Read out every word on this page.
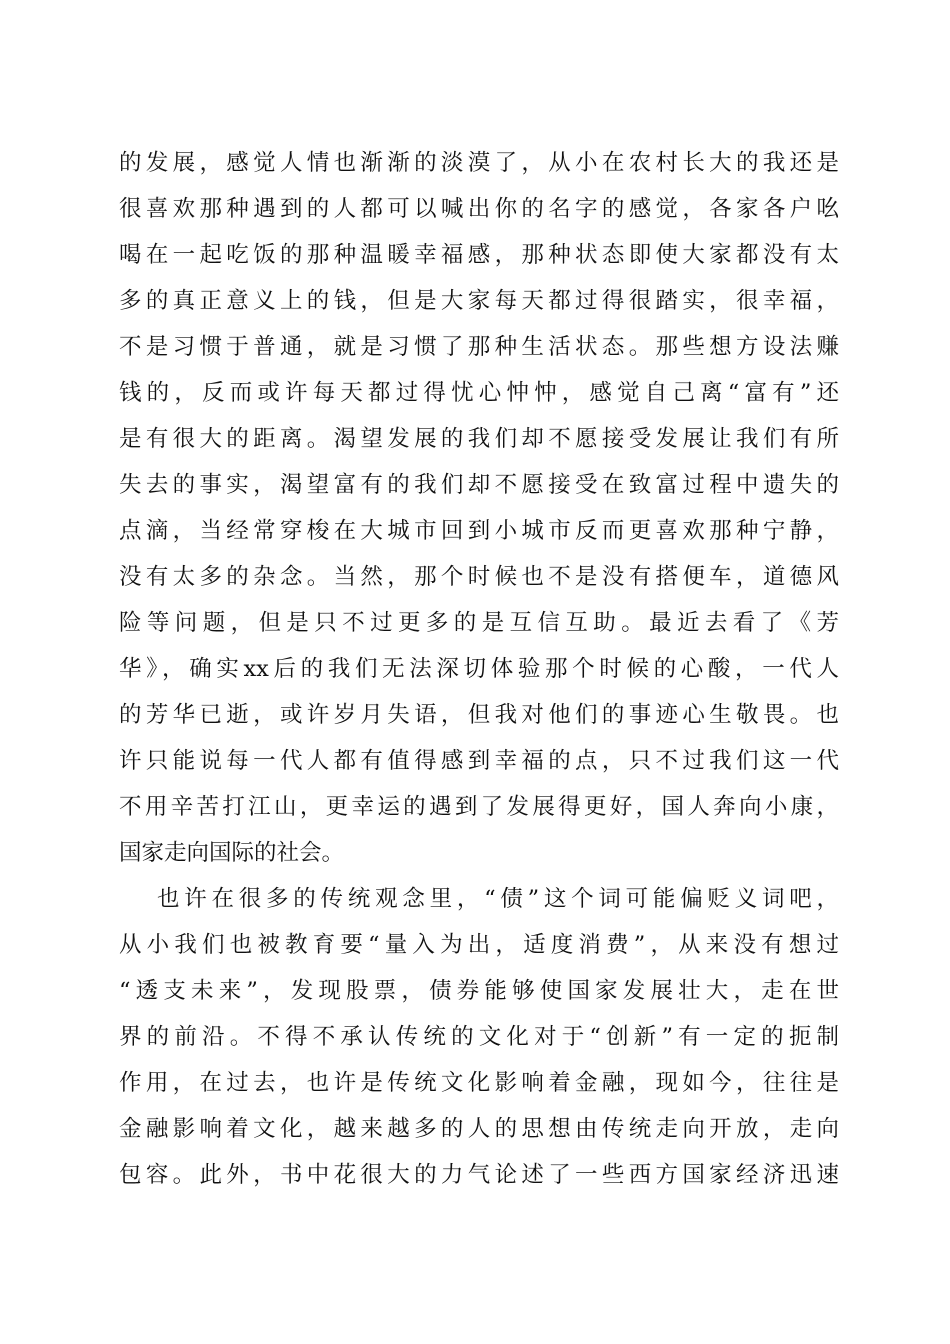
的发展，感觉人情也渐渐的淡漠了，从小在农村长大的我还是
很喜欢那种遇到的人都可以喊出你的名字的感觉，各家各户吆
喝在一起吃饭的那种温暖幸福感，那种状态即使大家都没有太
多的真正意义上的钱，但是大家每天都过得很踏实，很幸福，
不是习惯于普通，就是习惯了那种生活状态。那些想方设法赚
钱的，反而或许每天都过得忧心忡忡，感觉自己离“富有”还
是有很大的距离。渴望发展的我们却不愿接受发展让我们有所
失去的事实，渴望富有的我们却不愿接受在致富过程中遗失的
点滴，当经常穿梭在大城市回到小城市反而更喜欢那种宁静，
没有太多的杂念。当然，那个时候也不是没有搭便车，道德风
险等问题，但是只不过更多的是互信互助。最近去看了《芳
华》，确实xx后的我们无法深切体验那个时候的心酸，一代人
的芳华已逝，或许岁月失语，但我对他们的事迹心生敬畏。也
许只能说每一代人都有值得感到幸福的点，只不过我们这一代
不用辛苦打江山，更幸运的遇到了发展得更好，国人奔向小康，
国家走向国际的社会。
也许在很多的传统观念里，“债”这个词可能偏贬义词吧，
从小我们也被教育要“量入为出，适度消费”，从来没有想过
“透支未来”，发现股票，债券能够使国家发展壮大，走在世
界的前沿。不得不承认传统的文化对于“创新”有一定的扼制
作用，在过去，也许是传统文化影响着金融，现如今，往往是
金融影响着文化，越来越多的人的思想由传统走向开放，走向
包容。此外，书中花很大的力气论述了一些西方国家经济迅速
